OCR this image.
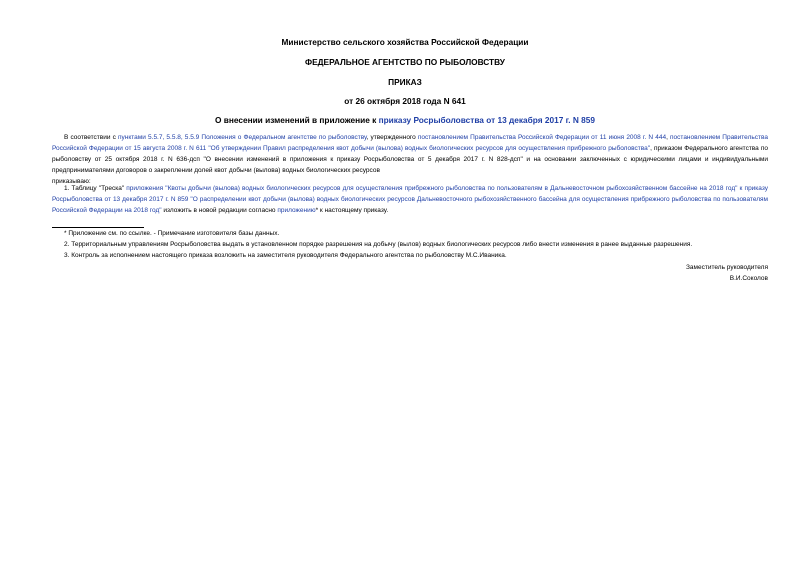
Министерство сельского хозяйства Российской Федерации
ФЕДЕРАЛЬНОЕ АГЕНТСТВО ПО РЫБОЛОВСТВУ
ПРИКАЗ
от 26 октября 2018 года N 641
О внесении изменений в приложение к приказу Росрыболовства от 13 декабря 2017 г. N 859
В соответствии с пунктами 5.5.7, 5.5.8, 5.5.9 Положения о Федеральном агентстве по рыболовству, утвержденного постановлением Правительства Российской Федерации от 11 июня 2008 г. N 444, постановлением Правительства Российской Федерации от 15 августа 2008 г. N 611 "Об утверждении Правил распределения квот добычи (вылова) водных биологических ресурсов для осуществления прибрежного рыболовства", приказом Федерального агентства по рыболовству от 25 октября 2018 г. N 636-дсп "О внесении изменений в приложения к приказу Росрыболовства от 5 декабря 2017 г. N 828-дсп" и на основании заключенных с юридическими лицами и индивидуальными предпринимателями договоров о закреплении долей квот добычи (вылова) водных биологических ресурсов
приказываю:
1. Таблицу "Треска" приложения "Квоты добычи (вылова) водных биологических ресурсов для осуществления прибрежного рыболовства по пользователям в Дальневосточном рыбохозяйственном бассейне на 2018 год" к приказу Росрыболовства от 13 декабря 2017 г. N 859 "О распределении квот добычи (вылова) водных биологических ресурсов Дальневосточного рыбохозяйственного бассейна для осуществления прибрежного рыболовства по пользователям Российской Федерации на 2018 год" изложить в новой редакции согласно приложению* к настоящему приказу.
* Приложение см. по ссылке. - Примечание изготовителя базы данных.
2. Территориальным управлениям Росрыболовства выдать в установленном порядке разрешения на добычу (вылов) водных биологических ресурсов либо внести изменения в ранее выданные разрешения.
3. Контроль за исполнением настоящего приказа возложить на заместителя руководителя Федерального агентства по рыболовству М.С.Иваника.
Заместитель руководителя
В.И.Соколов
